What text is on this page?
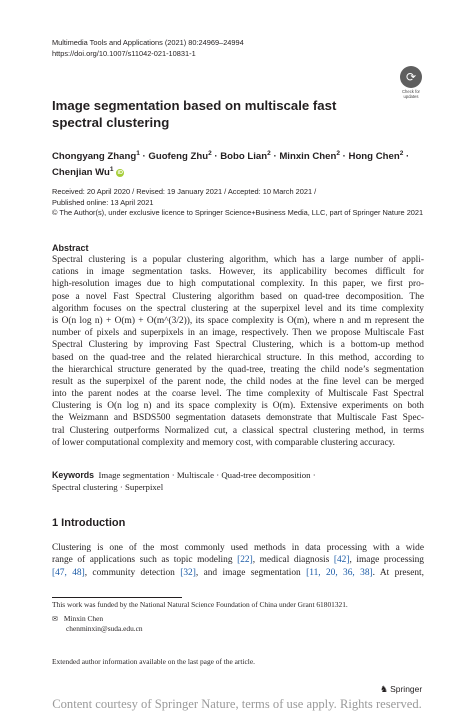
Multimedia Tools and Applications (2021) 80:24969–24994
https://doi.org/10.1007/s11042-021-10831-1
⟳
Check for
updates
Image segmentation based on multiscale fast spectral clustering
Chongyang Zhang$^1$ · Guofeng Zhu$^2$ · Bobo Lian$^2$ · Minxin Chen$^2$ · Hong Chen$^2$ ·
Chenjian Wu$^1$ iD
Received: 20 April 2020 / Revised: 19 January 2021 / Accepted: 10 March 2021 /
Published online: 13 April 2021
© The Author(s), under exclusive licence to Springer Science+Business Media, LLC, part of Springer Nature 2021
Abstract
Spectral clustering is a popular clustering algorithm, which has a large number of appli-
cations in image segmentation tasks. However, its applicability becomes difficult for
high-resolution images due to high computational complexity. In this paper, we first pro-
pose a novel Fast Spectral Clustering algorithm based on quad-tree decomposition. The
algorithm focuses on the spectral clustering at the superpixel level and its time complexity
is O(n log n) + O(m) + O(m^(3/2)), its space complexity is O(m), where n and m represent the
number of pixels and superpixels in an image, respectively. Then we propose Multiscale Fast
Spectral Clustering by improving Fast Spectral Clustering, which is a bottom-up method
based on the quad-tree and the related hierarchical structure. In this method, according to
the hierarchical structure generated by the quad-tree, treating the child node’s segmentation
result as the superpixel of the parent node, the child nodes at the fine level can be merged
into the parent nodes at the coarse level. The time complexity of Multiscale Fast Spectral
Clustering is O(n log n) and its space complexity is O(m). Extensive experiments on both
the Weizmann and BSDS500 segmentation datasets demonstrate that Multiscale Fast Spec-
tral Clustering outperforms Normalized cut, a classical spectral clustering method, in terms
of lower computational complexity and memory cost, with comparable clustering accuracy.
Keywords Image segmentation · Multiscale · Quad-tree decomposition ·
Spectral clustering · Superpixel
1 Introduction
Clustering is one of the most commonly used methods in data processing with a wide
range of applications such as topic modeling [22], medical diagnosis [42], image processing
[47, 48], community detection [32], and image segmentation [11, 20, 36, 38]. At present,
This work was funded by the National Natural Science Foundation of China under Grant 61801321.
✉ Minxin Chen
chenminxin@suda.edu.cn
Extended author information available on the last page of the article.
♞ Springer
Content courtesy of Springer Nature, terms of use apply. Rights reserved.
